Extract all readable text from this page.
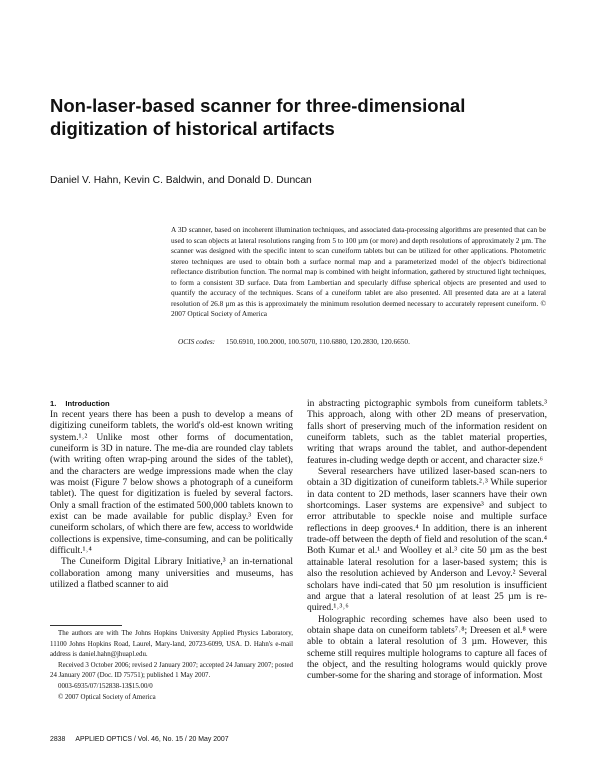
Non-laser-based scanner for three-dimensional digitization of historical artifacts
Daniel V. Hahn, Kevin C. Baldwin, and Donald D. Duncan

A 3D scanner, based on incoherent illumination techniques, and associated data-processing algorithms are presented that can be used to scan objects at lateral resolutions ranging from 5 to 100 µm (or more) and depth resolutions of approximately 2 µm. The scanner was designed with the specific intent to scan cuneiform tablets but can be utilized for other applications. Photometric stereo techniques are used to obtain both a surface normal map and a parameterized model of the object's bidirectional reflectance distribution function. The normal map is combined with height information, gathered by structured light techniques, to form a consistent 3D surface. Data from Lambertian and specularly diffuse spherical objects are presented and used to quantify the accuracy of the techniques. Scans of a cuneiform tablet are also presented. All presented data are at a lateral resolution of 26.8 µm as this is approximately the minimum resolution deemed necessary to accurately represent cuneiform. © 2007 Optical Society of America

OCIS codes: 150.6910, 100.2000, 100.5070, 110.6880, 120.2830, 120.6650.
1. Introduction

In recent years there has been a push to develop a means of digitizing cuneiform tablets, the world's old-est known writing system.¹˒² Unlike most other forms of documentation, cuneiform is 3D in nature. The me-dia are rounded clay tablets (with writing often wrap-ping around the sides of the tablet), and the characters are wedge impressions made when the clay was moist (Figure 7 below shows a photograph of a cuneiform tablet). The quest for digitization is fueled by several factors. Only a small fraction of the estimated 500,000 tablets known to exist can be made available for public display.³ Even for cuneiform scholars, of which there are few, access to worldwide collections is expensive, time-consuming, and can be politically difficult.¹˒⁴

The Cuneiform Digital Library Initiative,³ an in-ternational collaboration among many universities and museums, has utilized a flatbed scanner to aid

in abstracting pictographic symbols from cuneiform tablets.³ This approach, along with other 2D means of preservation, falls short of preserving much of the information resident on cuneiform tablets, such as the tablet material properties, writing that wraps around the tablet, and author-dependent features in-cluding wedge depth or accent, and character size.⁶

Several researchers have utilized laser-based scan-ners to obtain a 3D digitization of cuneiform tablets.²˒³ While superior in data content to 2D methods, laser scanners have their own shortcomings. Laser systems are expensive³ and subject to error attributable to speckle noise and multiple surface reflections in deep grooves.⁴ In addition, there is an inherent trade-off between the depth of field and resolution of the scan.⁴ Both Kumar et al.¹ and Woolley et al.³ cite 50 µm as the best attainable lateral resolution for a laser-based system; this is also the resolution achieved by Anderson and Levoy.² Several scholars have indi-cated that 50 µm resolution is insufficient and argue that a lateral resolution of at least 25 µm is re-quired.¹˒³˒⁶

Holographic recording schemes have also been used to obtain shape data on cuneiform tablets⁷˒⁸; Dreesen et al.⁸ were able to obtain a lateral resolution of 3 µm. However, this scheme still requires multiple holograms to capture all faces of the object, and the resulting holograms would quickly prove cumber-some for the sharing and storage of information. Most

The authors are with The Johns Hopkins University Applied Physics Laboratory, 11100 Johns Hopkins Road, Laurel, Mary-land, 20723-6099, USA. D. Hahn's e-mail address is daniel.hahn@jhuapl.edu.

Received 3 October 2006; revised 2 January 2007; accepted 24 January 2007; posted 24 January 2007 (Doc. ID 75751); published 1 May 2007.

0003-6935/07/152838-13$15.00/0

© 2007 Optical Society of America

2838 APPLIED OPTICS / Vol. 46, No. 15 / 20 May 2007
